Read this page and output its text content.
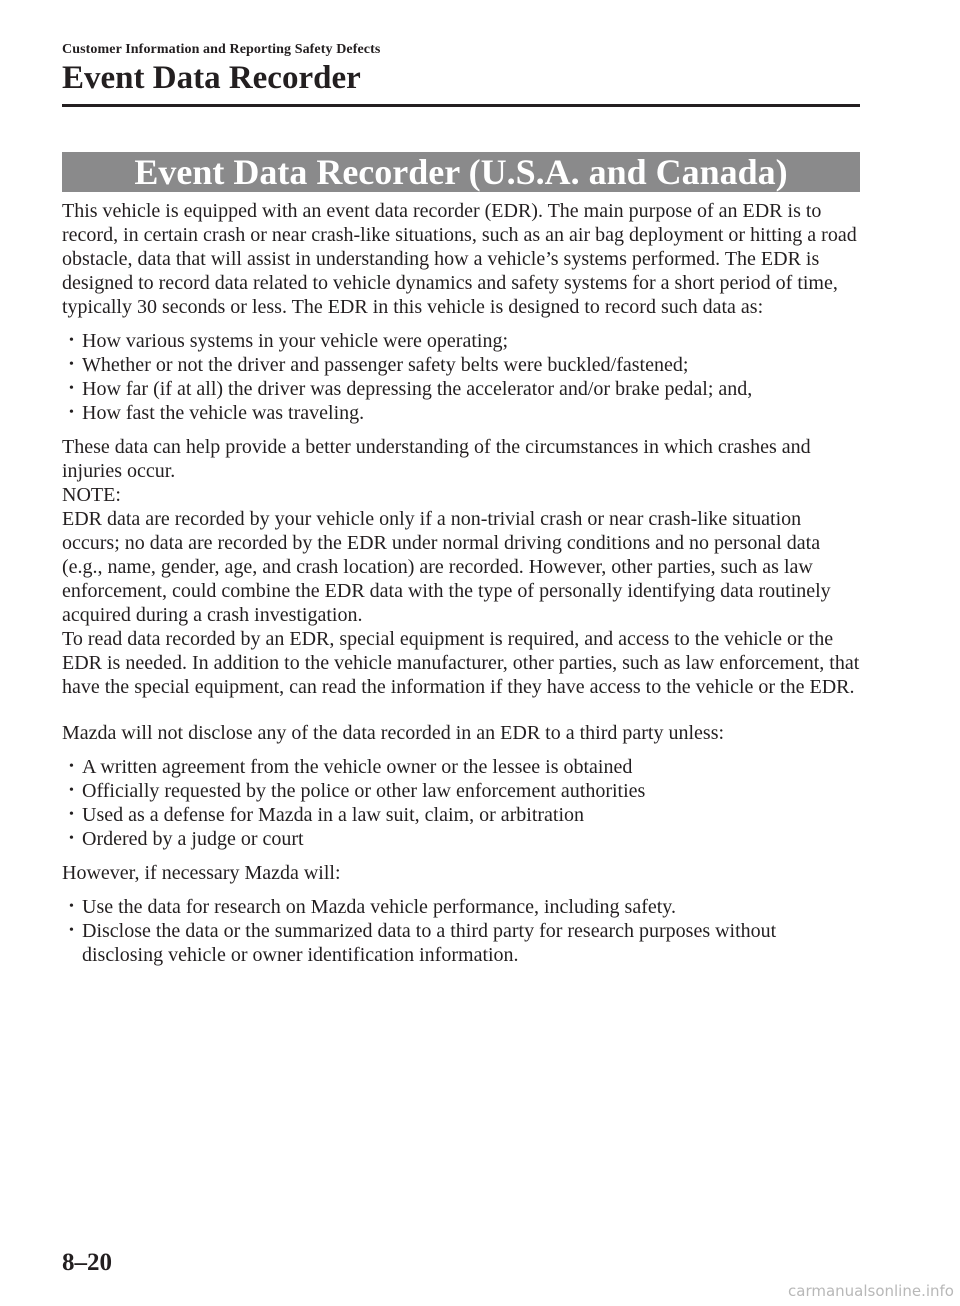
Customer Information and Reporting Safety Defects
Event Data Recorder
Event Data Recorder (U.S.A. and Canada)

This vehicle is equipped with an event data recorder (EDR). The main purpose of an EDR is to record, in certain crash or near crash-like situations, such as an air bag deployment or hitting a road obstacle, data that will assist in understanding how a vehicle’s systems performed. The EDR is designed to record data related to vehicle dynamics and safety systems for a short period of time, typically 30 seconds or less. The EDR in this vehicle is designed to record such data as:

• How various systems in your vehicle were operating;
• Whether or not the driver and passenger safety belts were buckled/fastened;
• How far (if at all) the driver was depressing the accelerator and/or brake pedal; and,
• How fast the vehicle was traveling.

These data can help provide a better understanding of the circumstances in which crashes and injuries occur.

NOTE:

EDR data are recorded by your vehicle only if a non-trivial crash or near crash-like situation occurs; no data are recorded by the EDR under normal driving conditions and no personal data (e.g., name, gender, age, and crash location) are recorded. However, other parties, such as law enforcement, could combine the EDR data with the type of personally identifying data routinely acquired during a crash investigation.

To read data recorded by an EDR, special equipment is required, and access to the vehicle or the EDR is needed. In addition to the vehicle manufacturer, other parties, such as law enforcement, that have the special equipment, can read the information if they have access to the vehicle or the EDR.

Mazda will not disclose any of the data recorded in an EDR to a third party unless:

• A written agreement from the vehicle owner or the lessee is obtained
• Officially requested by the police or other law enforcement authorities
• Used as a defense for Mazda in a law suit, claim, or arbitration
• Ordered by a judge or court

However, if necessary Mazda will:

• Use the data for research on Mazda vehicle performance, including safety.
• Disclose the data or the summarized data to a third party for research purposes without disclosing vehicle or owner identification information.
8–20
carmanualsonline.info
